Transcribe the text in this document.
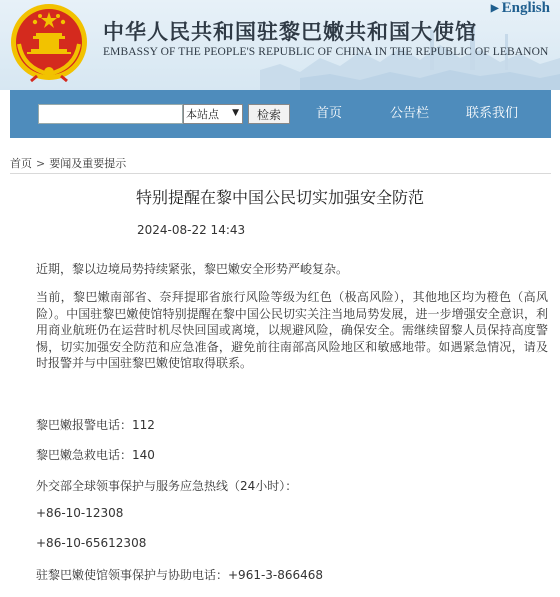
中华人民共和国驻黎巴嫩共和国大使馆

EMBASSY OF THE PEOPLE'S REPUBLIC OF CHINA IN THE REPUBLIC OF LEBANON

▶ English
本站点 ▼	检索	首页	公告栏	联系我们
首页 > 要闻及重要提示
特别提醒在黎中国公民切实加强安全防范
2024-08-22 14:43

近期，黎以边境局势持续紧张，黎巴嫩安全形势严峻复杂。

当前，黎巴嫩南部省、奈拜提耶省旅行风险等级为红色（极高风险），其他地区均为橙色（高风险）。中国驻黎巴嫩使馆特别提醒在黎中国公民切实关注当地局势发展，进一步增强安全意识，利用商业航班仍在运营时机尽快回国或离境，以规避风险，确保安全。需继续留黎人员保持高度警惕，切实加强安全防范和应急准备，避免前往南部高风险地区和敏感地带。如遇紧急情况，请及时报警并与中国驻黎巴嫩使馆取得联系。

黎巴嫩报警电话：112

黎巴嫩急救电话：140

外交部全球领事保护与服务应急热线（24小时）：

+86-10-12308

+86-10-65612308

驻黎巴嫩使馆领事保护与协助电话：+961-3-866468
